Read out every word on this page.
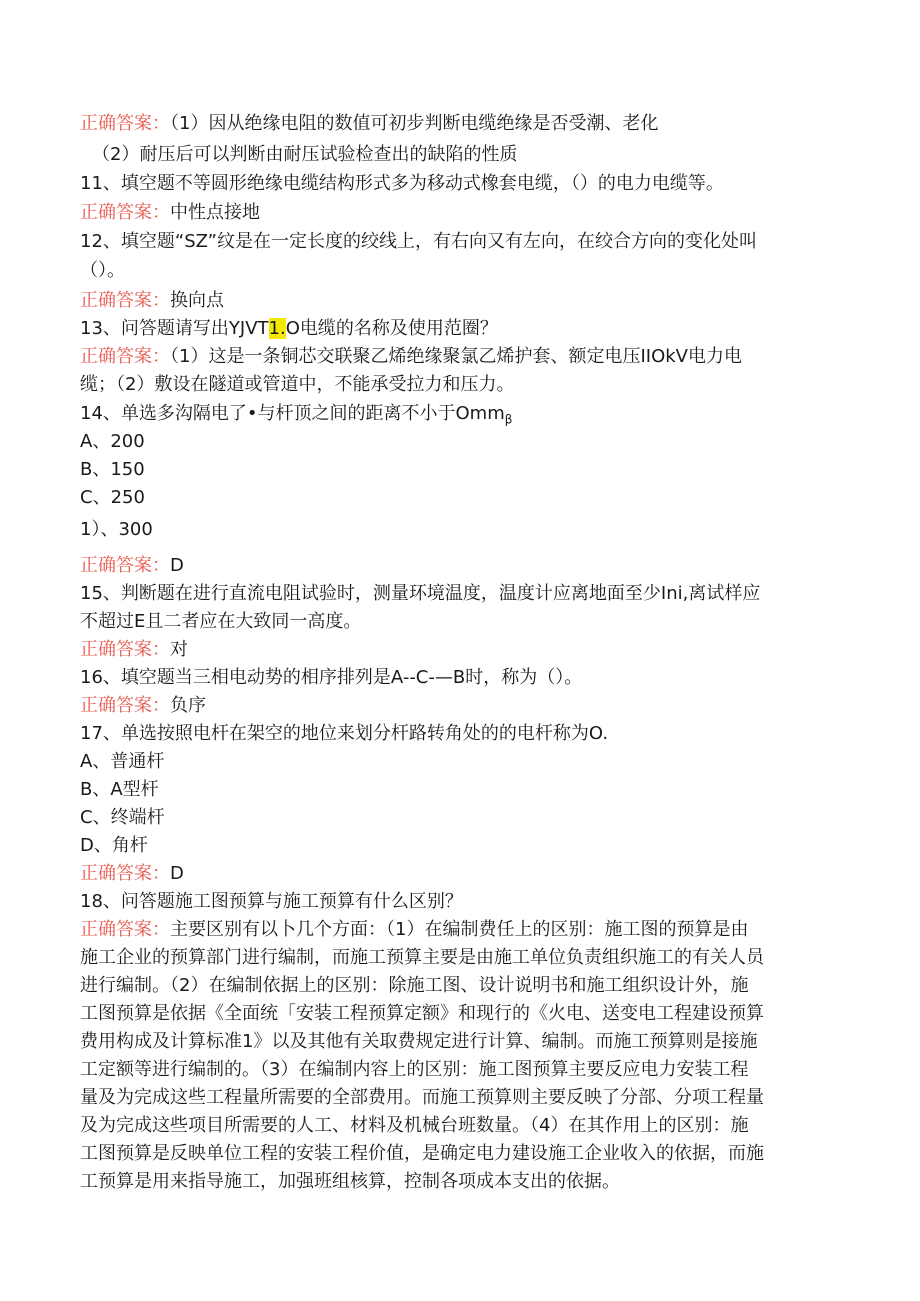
正确答案：（1）因从绝缘电阻的数值可初步判断电缆绝缘是否受潮、老化
（2）耐压后可以判断由耐压试验检查出的缺陷的性质
11、填空题不等圆形绝缘电缆结构形式多为移动式橡套电缆，（）的电力电缆等。
正确答案：中性点接地
12、填空题“SZ”纹是在一定长度的绞线上，有右向又有左向，在绞合方向的变化处叫
（）。
正确答案：换向点
13、问答题请写出YJVT1.O电缆的名称及使用范圈？
正确答案：（1）这是一条铜芯交联聚乙烯绝缘聚氯乙烯护套、额定电压IIOkV电力电
缆；（2）敷设在隧道或管道中，不能承受拉力和压力。
14、单选多沟隔电了•与杆顶之间的距离不小于Omm$_\beta$
A、200
B、150
C、250
1）、300
正确答案：D
15、判断题在进行直流电阻试验时，测量环境温度，温度计应离地面至少Ini,离试样应
不超过E且二者应在大致同一高度。
正确答案：对
16、填空题当三相电动势的相序排列是A--C-—B时，称为（）。
正确答案：负序
17、单选按照电杆在架空的地位来划分杆路转角处的的电杆称为O.
A、普通杆
B、A型杆
C、终端杆
D、角杆
正确答案：D
18、问答题施工图预算与施工预算有什么区别？
正确答案：主要区别有以卜几个方面：（1）在编制费任上的区别：施工图的预算是由
施工企业的预算部门进行编制，而施工预算主要是由施工单位负责组织施工的有关人员
进行编制。（2）在编制依据上的区别：除施工图、设计说明书和施工组织设计外，施
工图预算是依据《全面统「安装工程预算定额》和现行的《火电、送变电工程建设预算
费用构成及计算标准1》以及其他有关取费规定进行计算、编制。而施工预算则是接施
工定额等进行编制的。（3）在编制内容上的区别：施工图预算主要反应电力安装工程
量及为完成这些工程量所需要的全部费用。而施工预算则主要反映了分部、分项工程量
及为完成这些项目所需要的人工、材料及机械台班数量。（4）在其作用上的区别：施
工图预算是反映单位工程的安装工程价值，是确定电力建设施工企业收入的依据，而施
工预算是用来指导施工，加强班组核算，控制各项成本支出的依据。
